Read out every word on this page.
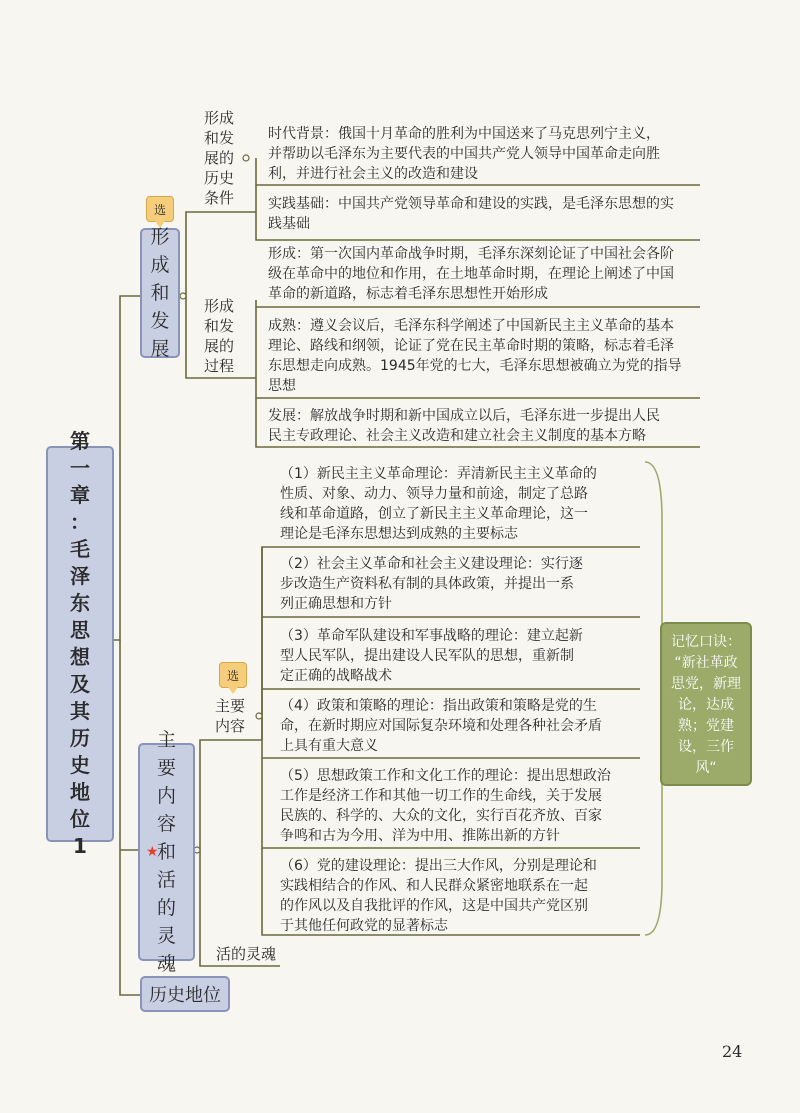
第
一
章
：
毛
泽
东
思
想
及
其
历
史
地
位
1
选
形
成
和
发
展
形成
和发
展的
历史
条件
形成
和发
展的
过程
时代背景：俄国十月革命的胜利为中国送来了马克思列宁主义，
并帮助以毛泽东为主要代表的中国共产党人领导中国革命走向胜
利，并进行社会主义的改造和建设
实践基础：中国共产党领导革命和建设的实践，是毛泽东思想的实
践基础
形成：第一次国内革命战争时期，毛泽东深刻论证了中国社会各阶
级在革命中的地位和作用，在土地革命时期，在理论上阐述了中国
革命的新道路，标志着毛泽东思想性开始形成
成熟：遵义会议后，毛泽东科学阐述了中国新民主主义革命的基本
理论、路线和纲领，论证了党在民主革命时期的策略，标志着毛泽
东思想走向成熟。1945年党的七大，毛泽东思想被确立为党的指导
思想
发展：解放战争时期和新中国成立以后，毛泽东进一步提出人民
民主专政理论、社会主义改造和建立社会主义制度的基本方略
主
要
内
容
和
活
的
灵
魂
★
选
主要
内容
活的灵魂
（1）新民主主义革命理论：弄清新民主主义革命的
性质、对象、动力、领导力量和前途，制定了总路
线和革命道路，创立了新民主主义革命理论，这一
理论是毛泽东思想达到成熟的主要标志
（2）社会主义革命和社会主义建设理论：实行逐
步改造生产资料私有制的具体政策，并提出一系
列正确思想和方针
（3）革命军队建设和军事战略的理论：建立起新
型人民军队，提出建设人民军队的思想，重新制
定正确的战略战术
（4）政策和策略的理论：指出政策和策略是党的生
命，在新时期应对国际复杂环境和处理各种社会矛盾
上具有重大意义
（5）思想政策工作和文化工作的理论：提出思想政治
工作是经济工作和其他一切工作的生命线，关于发展
民族的、科学的、大众的文化，实行百花齐放、百家
争鸣和古为今用、洋为中用、推陈出新的方针
（6）党的建设理论：提出三大作风，分别是理论和
实践相结合的作风、和人民群众紧密地联系在一起
的作风以及自我批评的作风，这是中国共产党区别
于其他任何政党的显著标志
记忆口诀：
“新社革政
思党，新理
论，达成
熟；党建
设，三作
风“
历史地位
24
